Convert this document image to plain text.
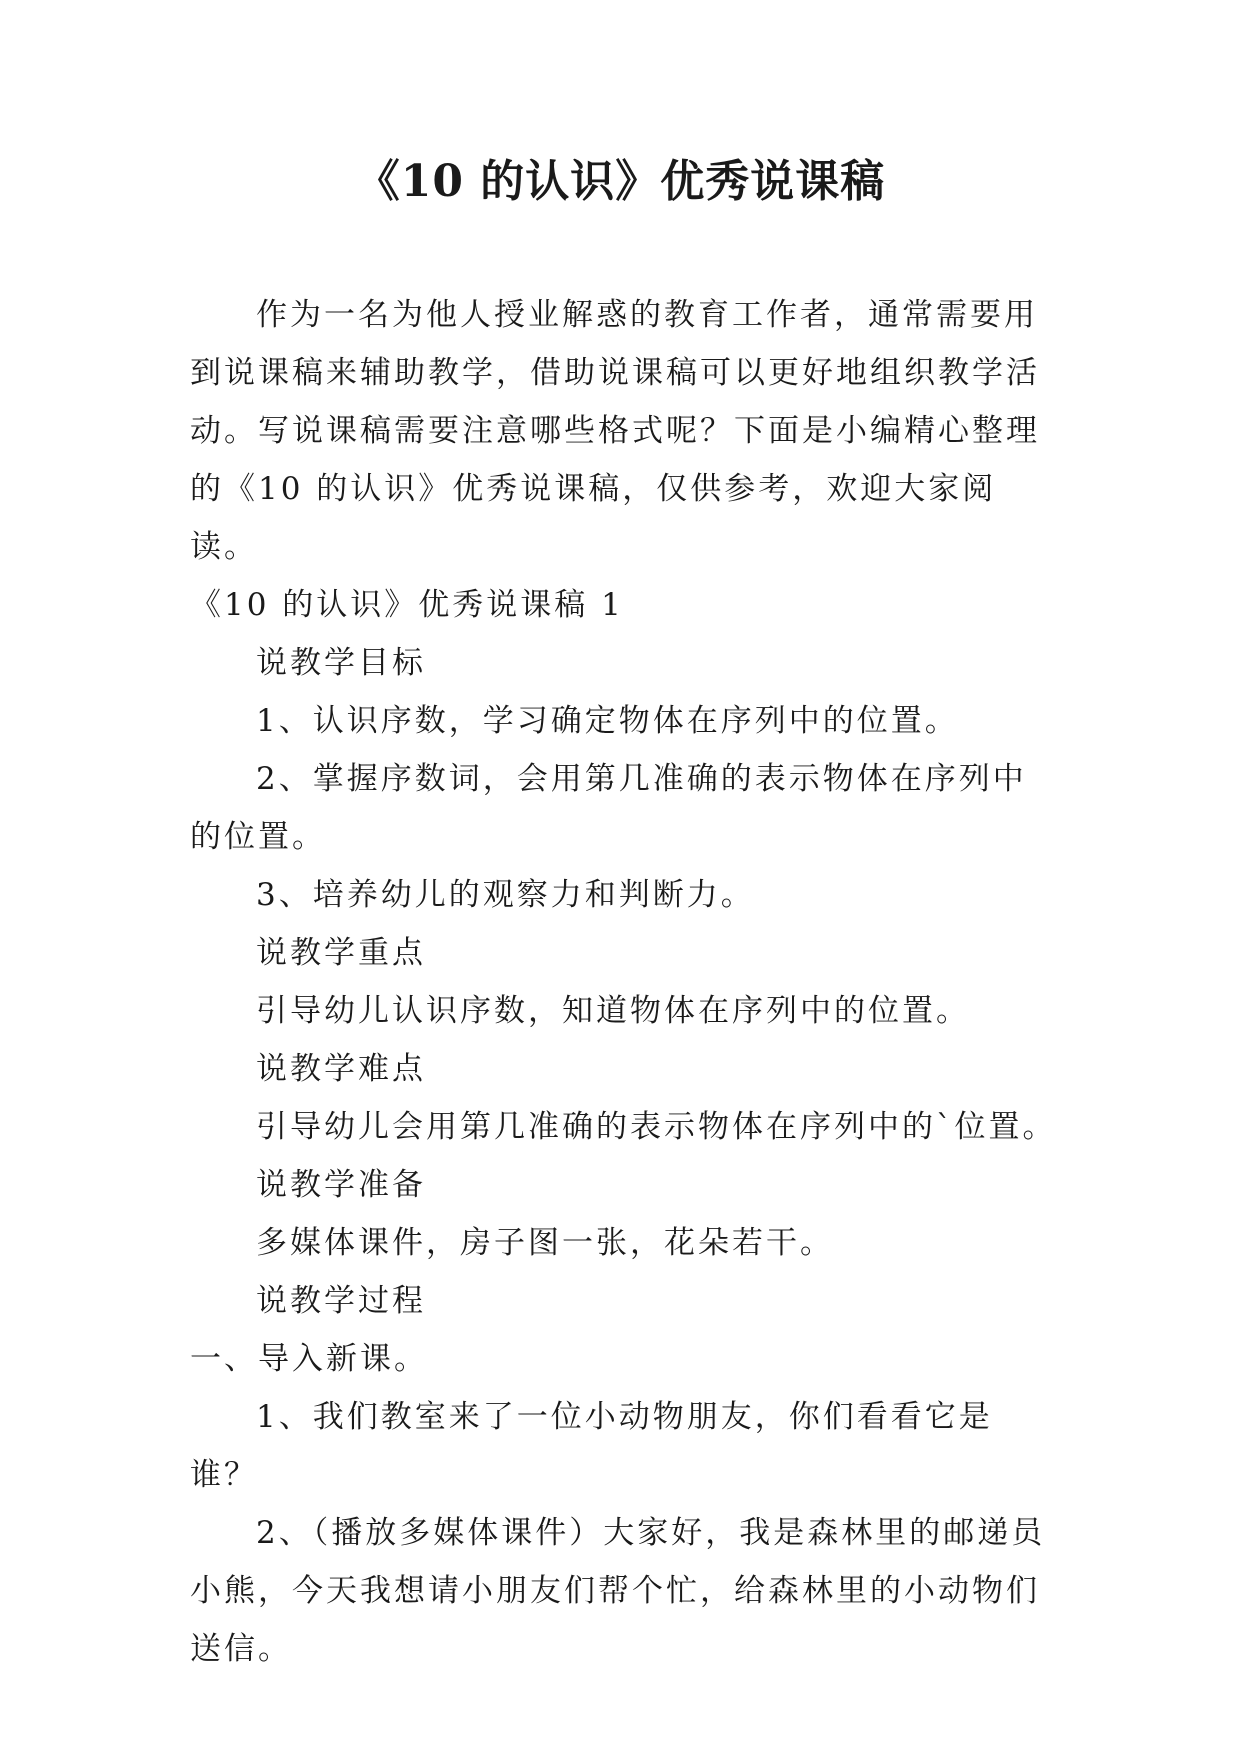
《10 的认识》优秀说课稿

作为一名为他人授业解惑的教育工作者，通常需要用到说课稿来辅助教学，借助说课稿可以更好地组织教学活动。写说课稿需要注意哪些格式呢？下面是小编精心整理的《10 的认识》优秀说课稿，仅供参考，欢迎大家阅读。

《10 的认识》优秀说课稿 1

说教学目标

1、认识序数，学习确定物体在序列中的位置。

2、掌握序数词，会用第几准确的表示物体在序列中的位置。

3、培养幼儿的观察力和判断力。

说教学重点

引导幼儿认识序数，知道物体在序列中的位置。

说教学难点

引导幼儿会用第几准确的表示物体在序列中的`位置。

说教学准备

多媒体课件，房子图一张，花朵若干。

说教学过程

一、导入新课。

1、我们教室来了一位小动物朋友，你们看看它是谁？

2、（播放多媒体课件）大家好，我是森林里的邮递员小熊，今天我想请小朋友们帮个忙，给森林里的小动物们送信。
